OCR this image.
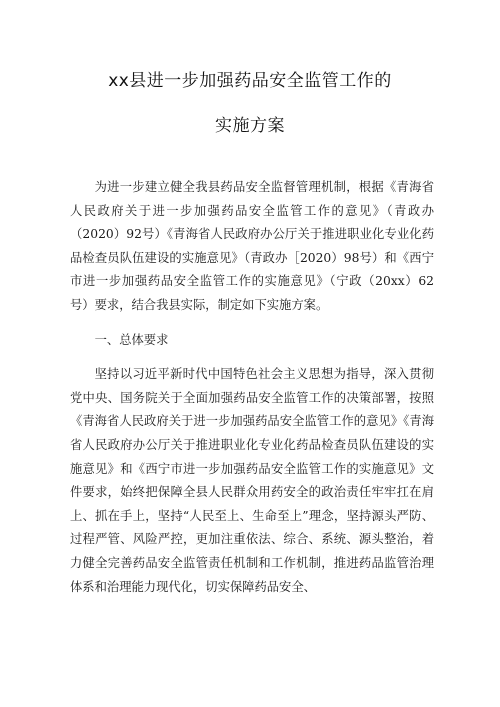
xx县进一步加强药品安全监管工作的
实施方案

为进一步建立健全我县药品安全监督管理机制，根据《青海省人民政府关于进一步加强药品安全监管工作的意见》（青政办（2020）92号）《青海省人民政府办公厅关于推进职业化专业化药品检查员队伍建设的实施意见》（青政办［2020）98号）和《西宁市进一步加强药品安全监管工作的实施意见》（宁政（20xx）62号）要求，结合我县实际，制定如下实施方案。

一、总体要求

坚持以习近平新时代中国特色社会主义思想为指导，深入贯彻党中央、国务院关于全面加强药品安全监管工作的决策部署，按照《青海省人民政府关于进一步加强药品安全监管工作的意见》《青海省人民政府办公厅关于推进职业化专业化药品检查员队伍建设的实施意见》和《西宁市进一步加强药品安全监管工作的实施意见》文件要求，始终把保障全县人民群众用药安全的政治责任牢牢扛在肩上、抓在手上，坚持“人民至上、生命至上”理念，坚持源头严防、过程严管、风险严控，更加注重依法、综合、系统、源头整治，着力健全完善药品安全监管责任机制和工作机制，推进药品监管治理体系和治理能力现代化，切实保障药品安全、
